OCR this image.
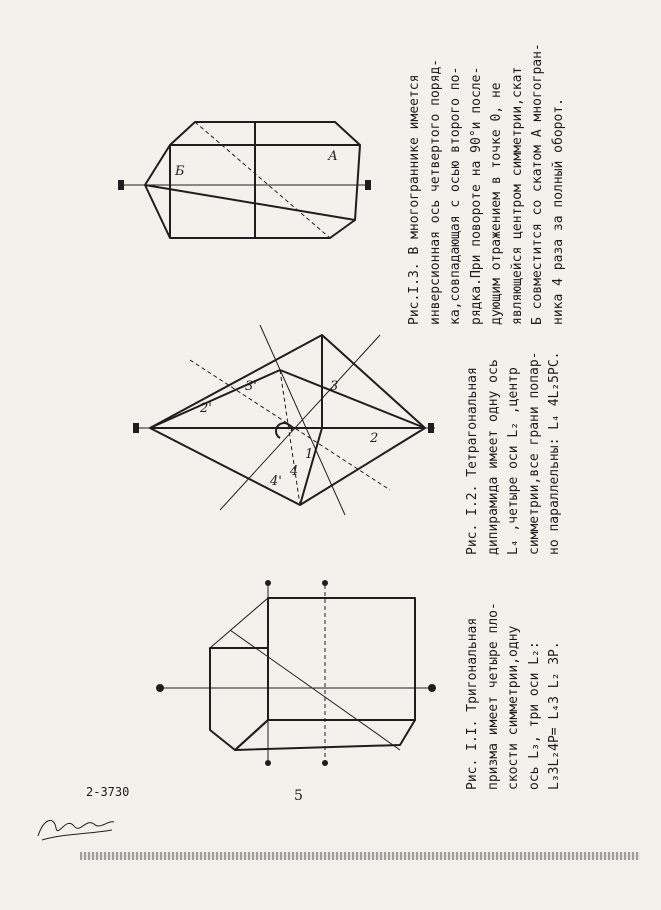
1
2
3
4
2'
3'
4'
А
Б
Рис. I.I. Тригональная призма имеет четыре пло- скости симметрии,одну ось L₃, три оси L₂: L₃3L₂4P= L₄3 L₂ 3P.
Рис. I.2. Тетрагональная дипирамида имеет одну ось L₄ ,четыре оси L₂ ,центр симметрии,все грани попар- но параллельны: L₄ 4L₂5PC.
Рис.I.3. В многограннике имеется инверсионная ось четвертого поряд- ка,совпадающая с осью второго по- рядка.При повороте на 90°и после- дующим отражением в точке 0, не являющейся центром симметрии,скат Б совместится со скатом А многогран- ника 4 раза за полный оборот.
2-3730	5
